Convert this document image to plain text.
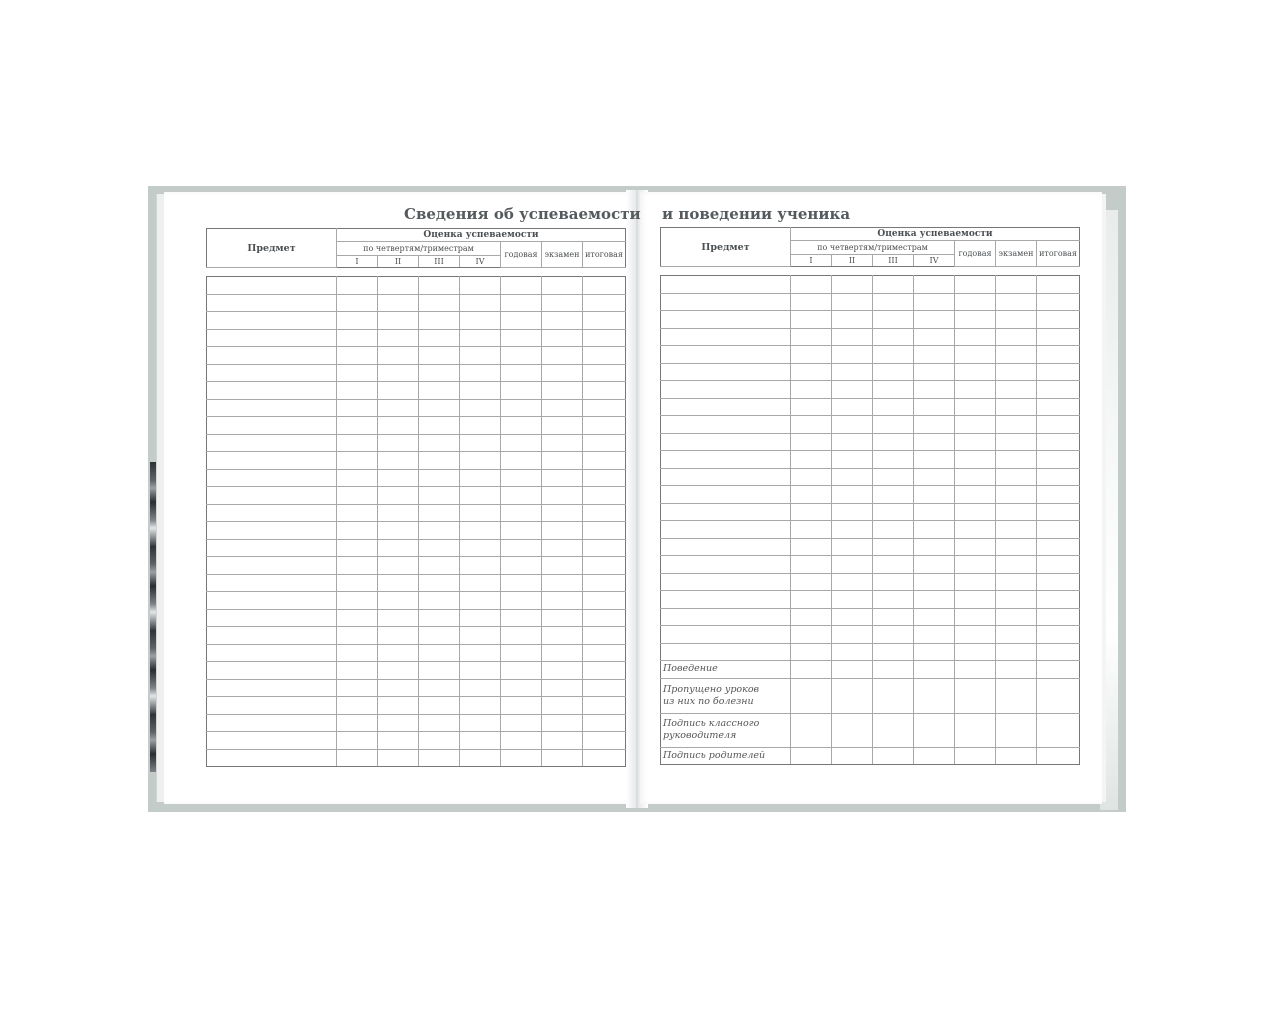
Сведения об успеваемости и поведении ученика
Предмет	Оценка успеваемости						
	по четвертям/триместрам				годовая	экзамен	итоговая
	I	II	III	IV			

Предмет	Оценка успеваемости						
	по четвертям/триместрам				годовая	экзамен	итоговая
	I	II	III	IV			

Поведение							

Пропущено уроков
из них по болезни							

Подпись классного
руководителя							

Подпись родителей							
